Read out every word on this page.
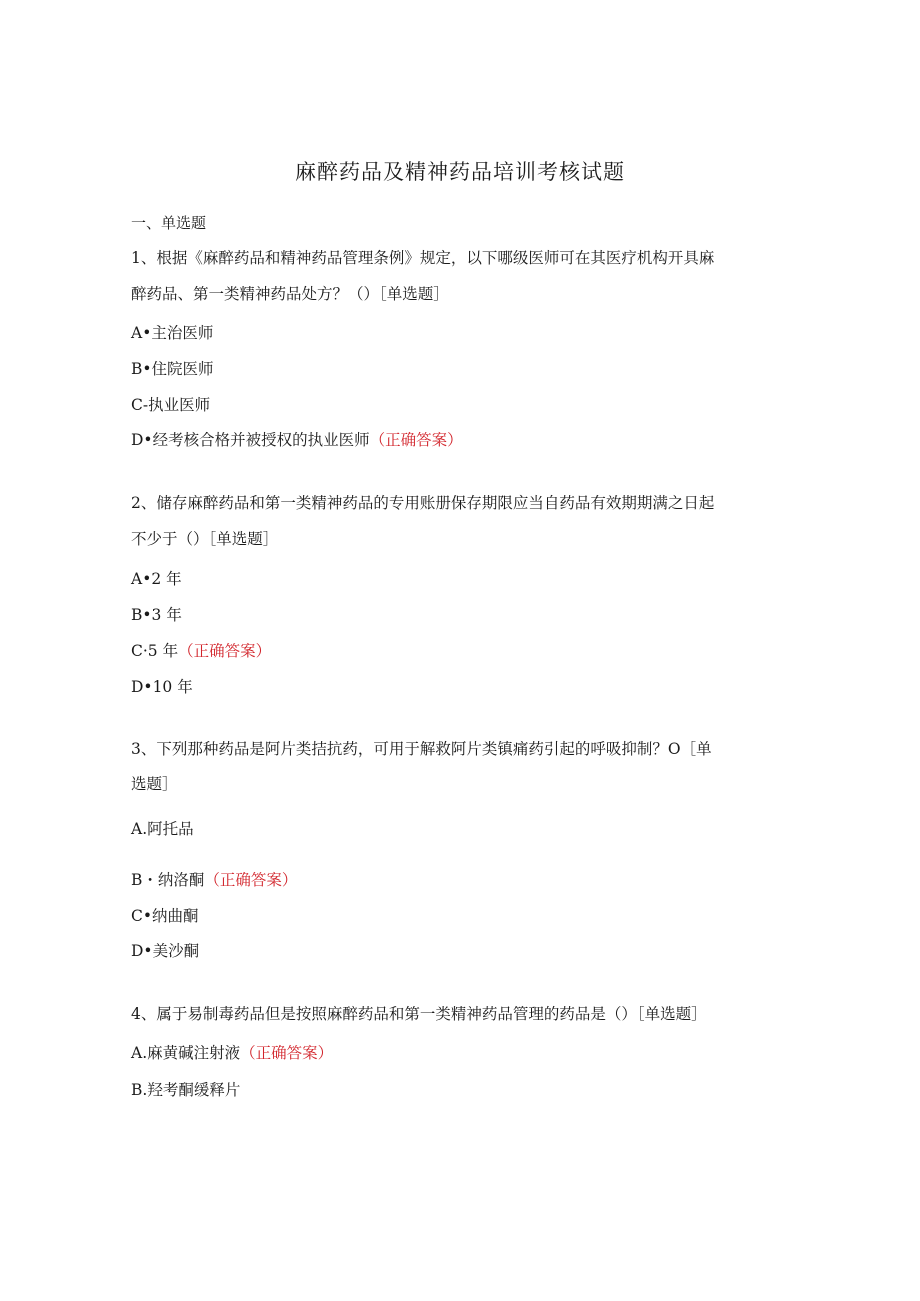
麻醉药品及精神药品培训考核试题
一、单选题
1、根据《麻醉药品和精神药品管理条例》规定，以下哪级医师可在其医疗机构开具麻
醉药品、第一类精神药品处方？（）［单选题］
A•主治医师
B•住院医师
C-执业医师
D•经考核合格并被授权的执业医师（正确答案）
2、储存麻醉药品和第一类精神药品的专用账册保存期限应当自药品有效期期满之日起
不少于（）［单选题］
A•2 年
B•3 年
C·5 年（正确答案）
D•10 年
3、下列那种药品是阿片类拮抗药，可用于解救阿片类镇痛药引起的呼吸抑制？O［单
选题］
A.阿托品
B・纳洛酮（正确答案）
C•纳曲酮
D•美沙酮
4、属于易制毒药品但是按照麻醉药品和第一类精神药品管理的药品是（）［单选题］
A.麻黄碱注射液（正确答案）
B.羟考酮缓释片
